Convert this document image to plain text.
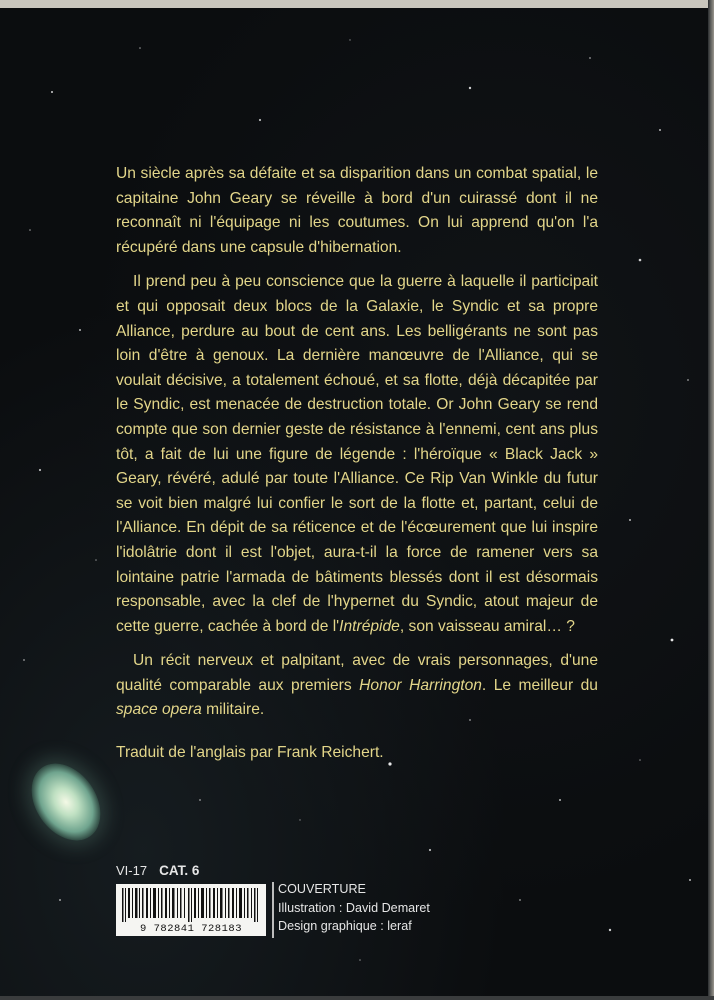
Un siècle après sa défaite et sa disparition dans un combat spatial, le capitaine John Geary se réveille à bord d'un cuirassé dont il ne reconnaît ni l'équipage ni les coutumes. On lui apprend qu'on l'a récupéré dans une capsule d'hibernation.

Il prend peu à peu conscience que la guerre à laquelle il participait et qui opposait deux blocs de la Galaxie, le Syndic et sa propre Alliance, perdure au bout de cent ans. Les belligérants ne sont pas loin d'être à genoux. La dernière manœuvre de l'Alliance, qui se voulait décisive, a totalement échoué, et sa flotte, déjà décapitée par le Syndic, est menacée de destruction totale. Or John Geary se rend compte que son dernier geste de résistance à l'ennemi, cent ans plus tôt, a fait de lui une figure de légende : l'héroïque « Black Jack » Geary, révéré, adulé par toute l'Alliance. Ce Rip Van Winkle du futur se voit bien malgré lui confier le sort de la flotte et, partant, celui de l'Alliance. En dépit de sa réticence et de l'écœurement que lui inspire l'idolâtrie dont il est l'objet, aura-t-il la force de ramener vers sa lointaine patrie l'armada de bâtiments blessés dont il est désormais responsable, avec la clef de l'hypernet du Syndic, atout majeur de cette guerre, cachée à bord de l'Intrépide, son vaisseau amiral… ?

Un récit nerveux et palpitant, avec de vrais personnages, d'une qualité comparable aux premiers Honor Harrington. Le meilleur du space opera militaire.

Traduit de l'anglais par Frank Reichert.

VI-17 CAT. 6
9 782841 728183
COUVERTURE
Illustration : David Demaret
Design graphique : leraf
